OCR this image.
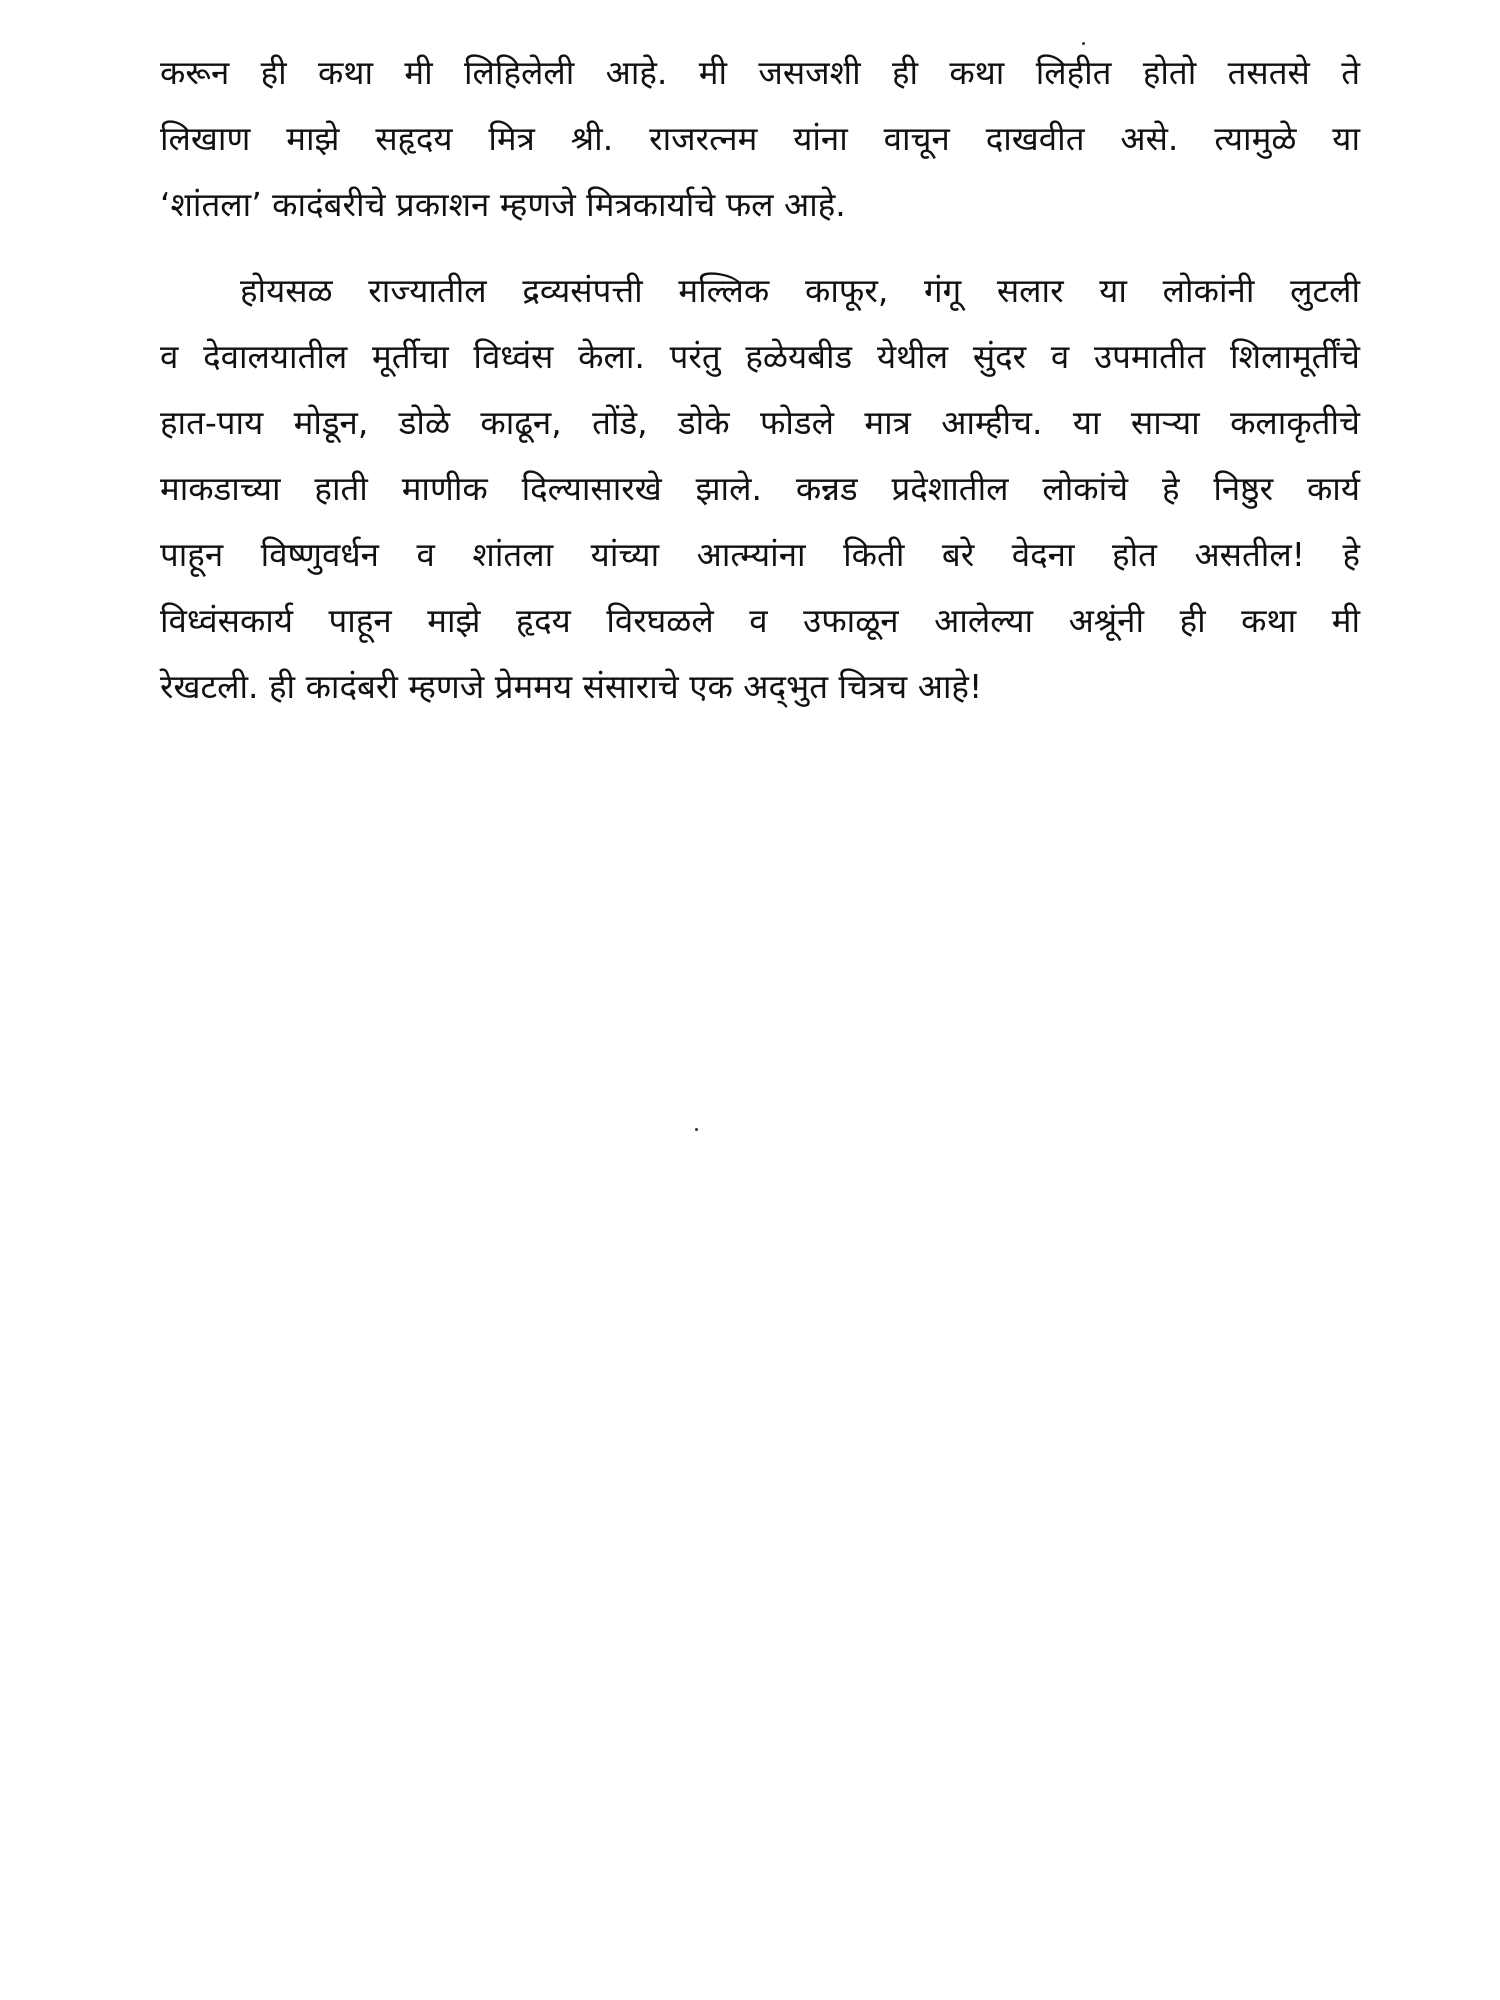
करून ही कथा मी लिहिलेली आहे. मी जसजशी ही कथा लिहीत होतो तसतसे ते
लिखाण माझे सहृदय मित्र श्री. राजरत्नम यांना वाचून दाखवीत असे. त्यामुळे या
‘शांतला’ कादंबरीचे प्रकाशन म्हणजे मित्रकार्याचे फल आहे.
होयसळ राज्यातील द्रव्यसंपत्ती मल्लिक काफूर, गंगू सलार या लोकांनी लुटली
व देवालयातील मूर्तीचा विध्वंस केला. परंतु हळेयबीड येथील सुंदर व उपमातीत शिलामूर्तींचे
हात-पाय मोडून, डोळे काढून, तोंडे, डोके फोडले मात्र आम्हीच. या साऱ्या कलाकृतीचे
माकडाच्या हाती माणीक दिल्यासारखे झाले. कन्नड प्रदेशातील लोकांचे हे निष्ठुर कार्य
पाहून विष्णुवर्धन व शांतला यांच्या आत्म्यांना किती बरे वेदना होत असतील! हे
विध्वंसकार्य पाहून माझे हृदय विरघळले व उफाळून आलेल्या अश्रूंनी ही कथा मी
रेखटली. ही कादंबरी म्हणजे प्रेममय संसाराचे एक अद्‌भुत चित्रच आहे!
